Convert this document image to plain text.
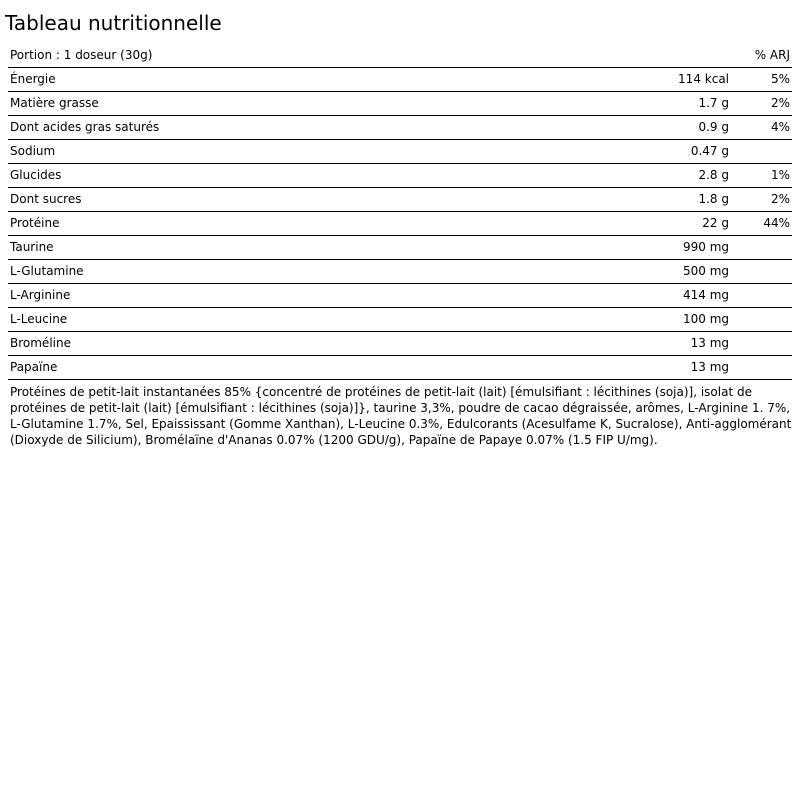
Tableau nutritionnelle
Portion : 1 doseur (30g)		% ARJ
Énergie	114 kcal	5%
Matière grasse	1.7 g	2%
Dont acides gras saturés	0.9 g	4%
Sodium	0.47 g	
Glucides	2.8 g	1%
Dont sucres	1.8 g	2%
Protéine	22 g	44%
Taurine	990 mg	
L-Glutamine	500 mg	
L-Arginine	414 mg	
L-Leucine	100 mg	
Broméline	13 mg	
Papaïne	13 mg	

Protéines de petit-lait instantanées 85% {concentré de protéines de petit-lait (lait) [émulsifiant : lécithines (soja)], isolat de protéines de petit-lait (lait) [émulsifiant : lécithines (soja)]}, taurine 3,3%, poudre de cacao dégraissée, arômes, L-Arginine 1. 7%, L-Glutamine 1.7%, Sel, Epaississant (Gomme Xanthan), L-Leucine 0.3%, Edulcorants (Acesulfame K, Sucralose), Anti-agglomérant (Dioxyde de Silicium), Bromélaïne d'Ananas 0.07% (1200 GDU/g), Papaïne de Papaye 0.07% (1.5 FIP U/mg).
